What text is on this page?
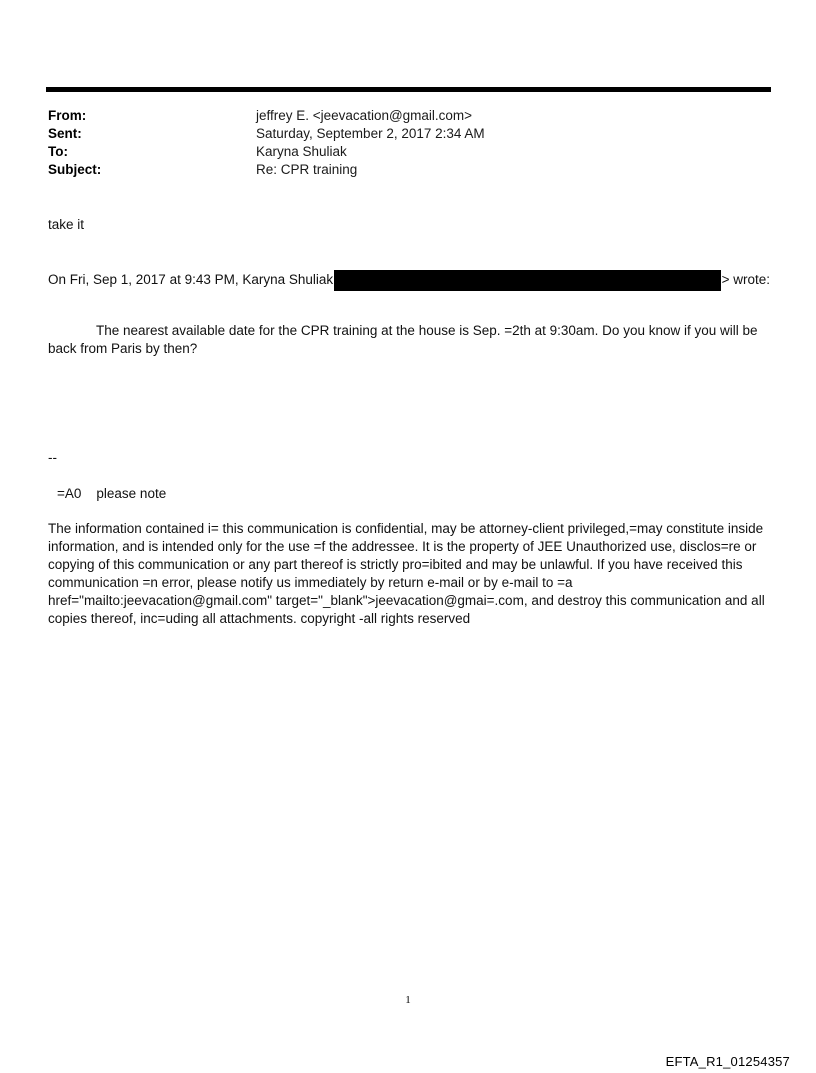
From:	jeffrey E. <jeevacation@gmail.com>
Sent:	Saturday, September 2, 2017 2:34 AM
To:	Karyna Shuliak
Subject:	Re: CPR training
take it
On Fri, Sep 1, 2017 at 9:43 PM, Karyna Shuliak	> wrote:
The nearest available date for the CPR training at the house is Sep. =2th at 9:30am. Do you know if you will be back from Paris by then?
--
=A0    please note
The information contained i= this communication is confidential, may be attorney-client privileged,=may constitute inside information, and is intended only for the use =f the addressee. It is the property of JEE Unauthorized use, disclos=re or copying of this communication or any part thereof is strictly pro=ibited and may be unlawful. If you have received this communication =n error, please notify us immediately by return e-mail or by e-mail to =a href="mailto:jeevacation@gmail.com" target="_blank">jeevacation@gmai=.com, and destroy this communication and all copies thereof, inc=uding all attachments. copyright -all rights reserved
1
EFTA_R1_01254357
